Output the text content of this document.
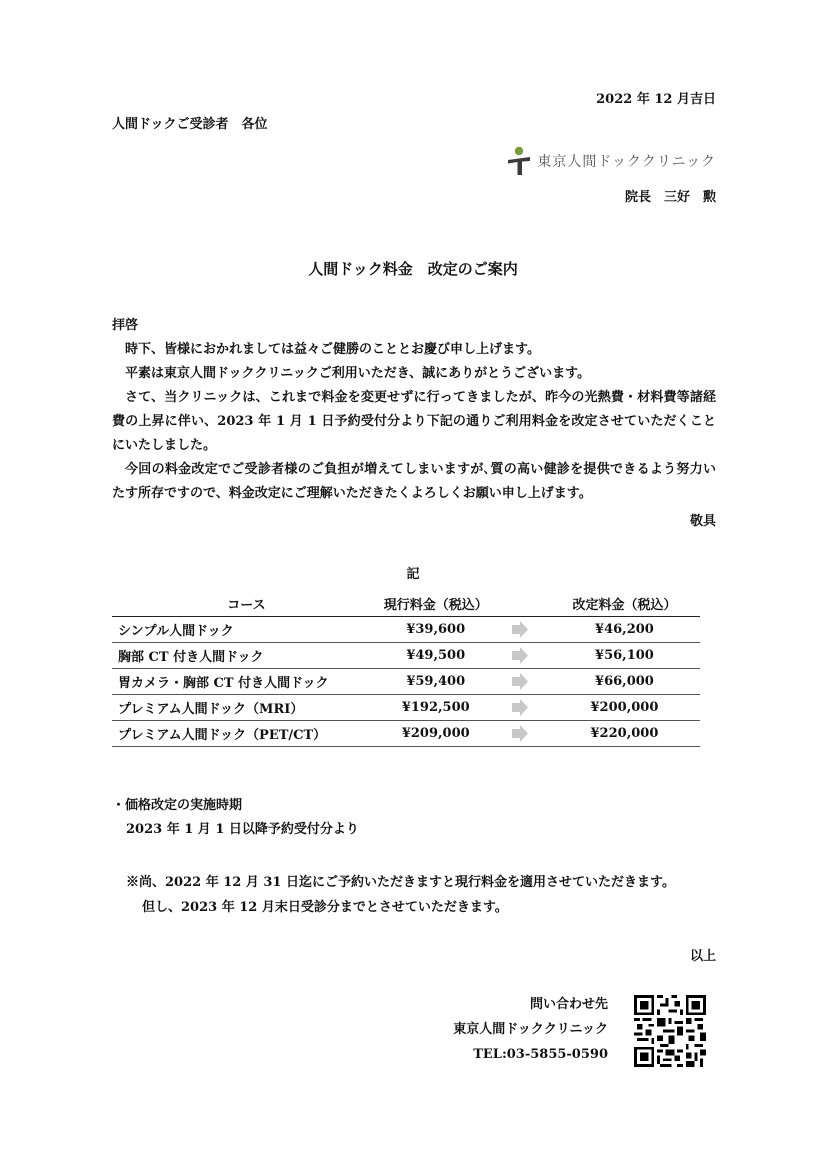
2022 年 12 月吉日
人間ドックご受診者　各位
東京人間ドッククリニック
院長　三好　勲
人間ドック料金　改定のご案内
拝啓

時下、皆様におかれましては益々ご健勝のこととお慶び申し上げます。

平素は東京人間ドッククリニックご利用いただき、誠にありがとうございます。

さて、当クリニックは、これまで料金を変更せずに行ってきましたが、昨今の光熱費・材料費等諸経費の上昇に伴い、2023 年 1 月 1 日予約受付分より下記の通りご利用料金を改定させていただくことにいたしました。

今回の料金改定でご受診者様のご負担が増えてしまいますが､質の高い健診を提供できるよう努力いたす所存ですので、料金改定にご理解いただきたくよろしくお願い申し上げます。

敬具
記
コース	現行料金（税込）		改定料金（税込）
シンプル人間ドック	¥39,600		¥46,200
胸部 CT 付き人間ドック	¥49,500		¥56,100
胃カメラ・胸部 CT 付き人間ドック	¥59,400		¥66,000
プレミアム人間ドック（MRI）	¥192,500		¥200,000
プレミアム人間ドック（PET/CT）	¥209,000		¥220,000
・価格改定の実施時期
2023 年 1 月 1 日以降予約受付分より
※尚、2022 年 12 月 31 日迄にご予約いただきますと現行料金を適用させていただきます。
但し、2023 年 12 月末日受診分までとさせていただきます。
以上
問い合わせ先
東京人間ドッククリニック
TEL:03-5855-0590
